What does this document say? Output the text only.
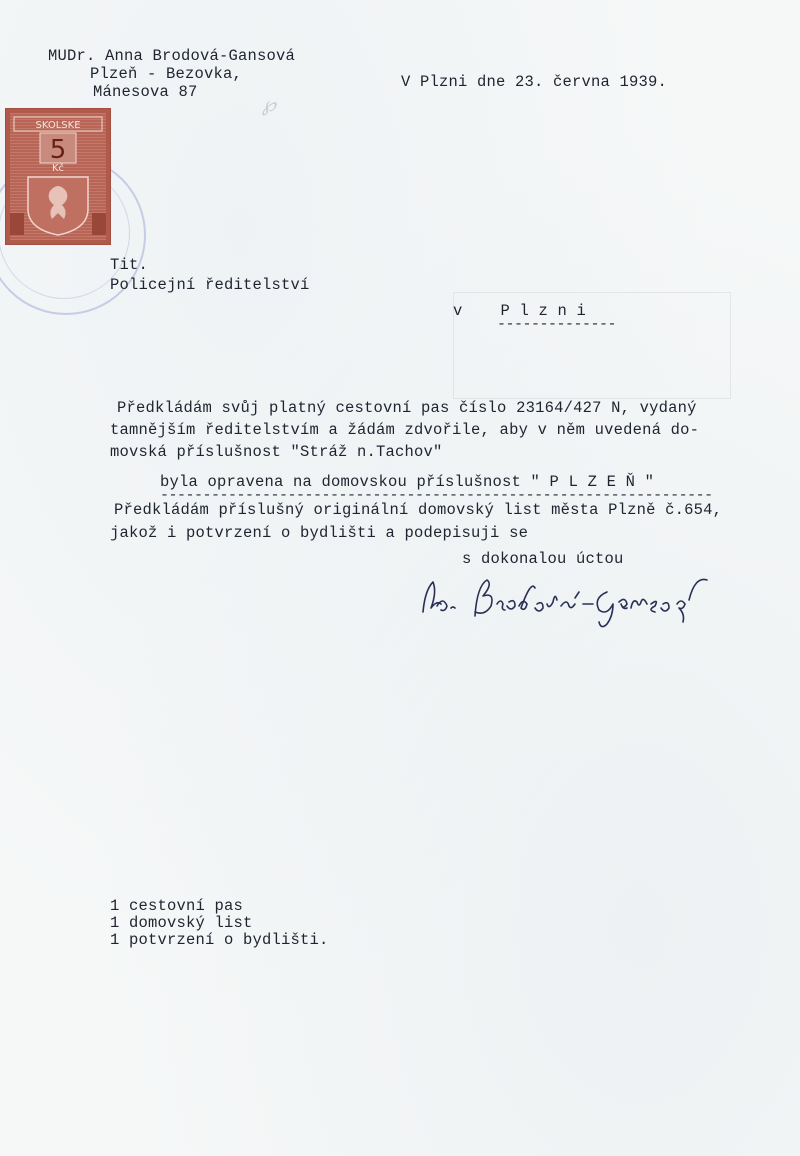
℘
SKOLSKE
5
Kč
MUDr. Anna Brodová-Gansová
Plzeň - Bezovka,
Mánesova 87
V Plzni dne 23. června 1939.
Tit.
Policejní ředitelství
v    P l z n i
--------------
Předkládám svůj platný cestovní pas číslo 23164/427 N, vydaný
tamnějším ředitelstvím a žádám zdvořile, aby v něm uvedená do-
movská příslušnost "Stráž n.Tachov"
byla opravena na domovskou příslušnost " P L Z E Ň "
-----------------------------------------------------------------
Předkládám příslušný originální domovský list města Plzně č.654,
jakož i potvrzení o bydlišti a podepisuji se
s dokonalou úctou
1 cestovní pas
1 domovský list
1 potvrzení o bydlišti.
